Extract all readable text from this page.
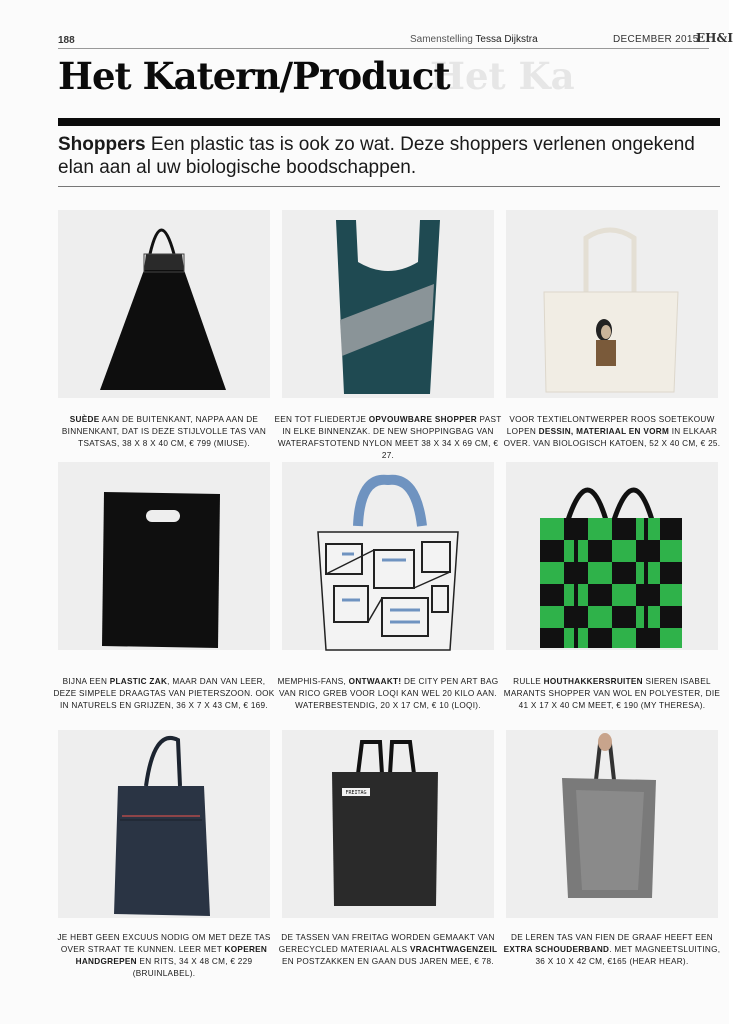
188	Samenstelling Tessa Dijkstra	DECEMBER 2015
EH&I
Het Ka
Het Katern/Product
Shoppers Een plastic tas is ook zo wat. Deze shoppers verlenen ongekend elan aan al uw biologische boodschappen.
SUÈDE AAN DE BUITENKANT, NAPPA AAN DE BINNENKANT, DAT IS DEZE STIJLVOLLE TAS VAN TSATSAS, 38 X 8 X 40 CM, € 799 (MIUSE).
EEN TOT FLIEDERTJE OPVOUWBARE SHOPPER PAST IN ELKE BINNENZAK. DE NEW SHOPPINGBAG VAN WATERAFSTOTEND NYLON MEET 38 X 34 X 69 CM, € 27.
VOOR TEXTIELONTWERPER ROOS SOETEKOUW LOPEN DESSIN, MATERIAAL EN VORM IN ELKAAR OVER. VAN BIOLOGISCH KATOEN, 52 X 40 CM, € 25.
BIJNA EEN PLASTIC ZAK, MAAR DAN VAN LEER, DEZE SIMPELE DRAAGTAS VAN PIETERSZOON. OOK IN NATURELS EN GRIJZEN, 36 X 7 X 43 CM, € 169.
MEMPHIS-FANS, ONTWAAKT! DE CITY PEN ART BAG VAN RICO GREB VOOR LOQI KAN WEL 20 KILO AAN. WATERBESTENDIG, 20 X 17 CM, € 10 (LOQI).
RULLE HOUTHAKKERSRUITEN SIEREN ISABEL MARANTS SHOPPER VAN WOL EN POLYESTER, DIE 41 X 17 X 40 CM MEET, € 190 (MY THERESA).
JE HEBT GEEN EXCUUS NODIG OM MET DEZE TAS OVER STRAAT TE KUNNEN. LEER MET KOPEREN HANDGREPEN EN RITS, 34 X 48 CM, € 229 (BRUINLABEL).
FREITAG
DE TASSEN VAN FREITAG WORDEN GEMAAKT VAN GERECYCLED MATERIAAL ALS VRACHTWAGENZEIL EN POSTZAKKEN EN GAAN DUS JAREN MEE, € 78.
DE LEREN TAS VAN FIEN DE GRAAF HEEFT EEN EXTRA SCHOUDERBAND. MET MAGNEETSLUITING, 36 X 10 X 42 CM, €165 (HEAR HEAR).
